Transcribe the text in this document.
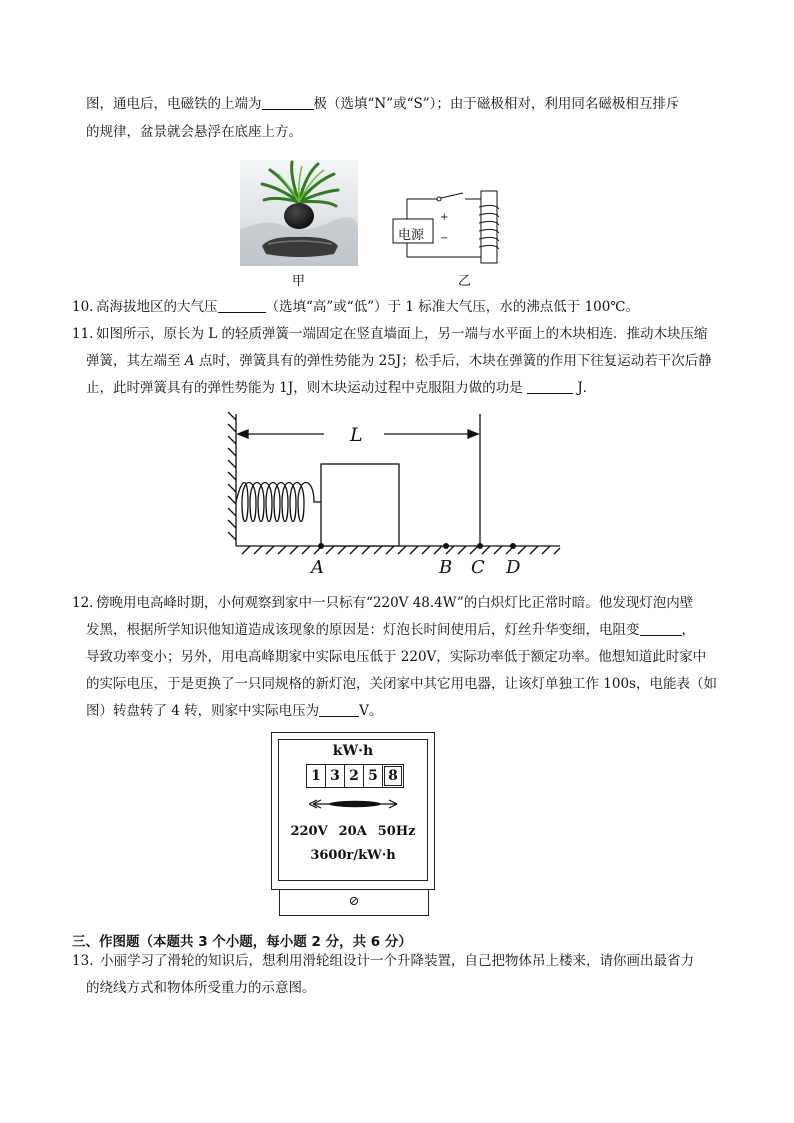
图，通电后，电磁铁的上端为	极（选填“N”或“S”）；由于磁极相对，利用同名磁极相互排斥
的规律，盆景就会悬浮在底座上方。
甲
电源
+
−
乙
10. 高海拔地区的大气压	（选填“高”或“低”）于 1 标准大气压，水的沸点低于 100℃。
11. 如图所示，原长为 L 的轻质弹簧一端固定在竖直墙面上，另一端与水平面上的木块相连．推动木块压缩
弹簧，其左端至 A 点时，弹簧具有的弹性势能为 25J；松手后，木块在弹簧的作用下往复运动若干次后静
止，此时弹簧具有的弹性势能为 1J，则木块运动过程中克服阻力做的功是	J．
L
A	B C D
12. 傍晚用电高峰时期，小何观察到家中一只标有“220V 48.4W”的白炽灯比正常时暗。他发现灯泡内壁
发黑，根据所学知识他知道造成该现象的原因是：灯泡长时间使用后，灯丝升华变细，电阻变	，
导致功率变小；另外，用电高峰期家中实际电压低于 220V，实际功率低于额定功率。他想知道此时家中
的实际电压，于是更换了一只同规格的新灯泡，关闭家中其它用电器，让该灯单独工作 100s，电能表（如
图）转盘转了 4 转，则家中实际电压为	V。
kW·h
1 3 2 5 8
220V 20A 50Hz
3600r/kW·h
⊘
三、作图题（本题共 3 个小题，每小题 2 分，共 6 分）
13. 小丽学习了滑轮的知识后，想利用滑轮组设计一个升降装置，自己把物体吊上楼来，请你画出最省力
的绕线方式和物体所受重力的示意图。
